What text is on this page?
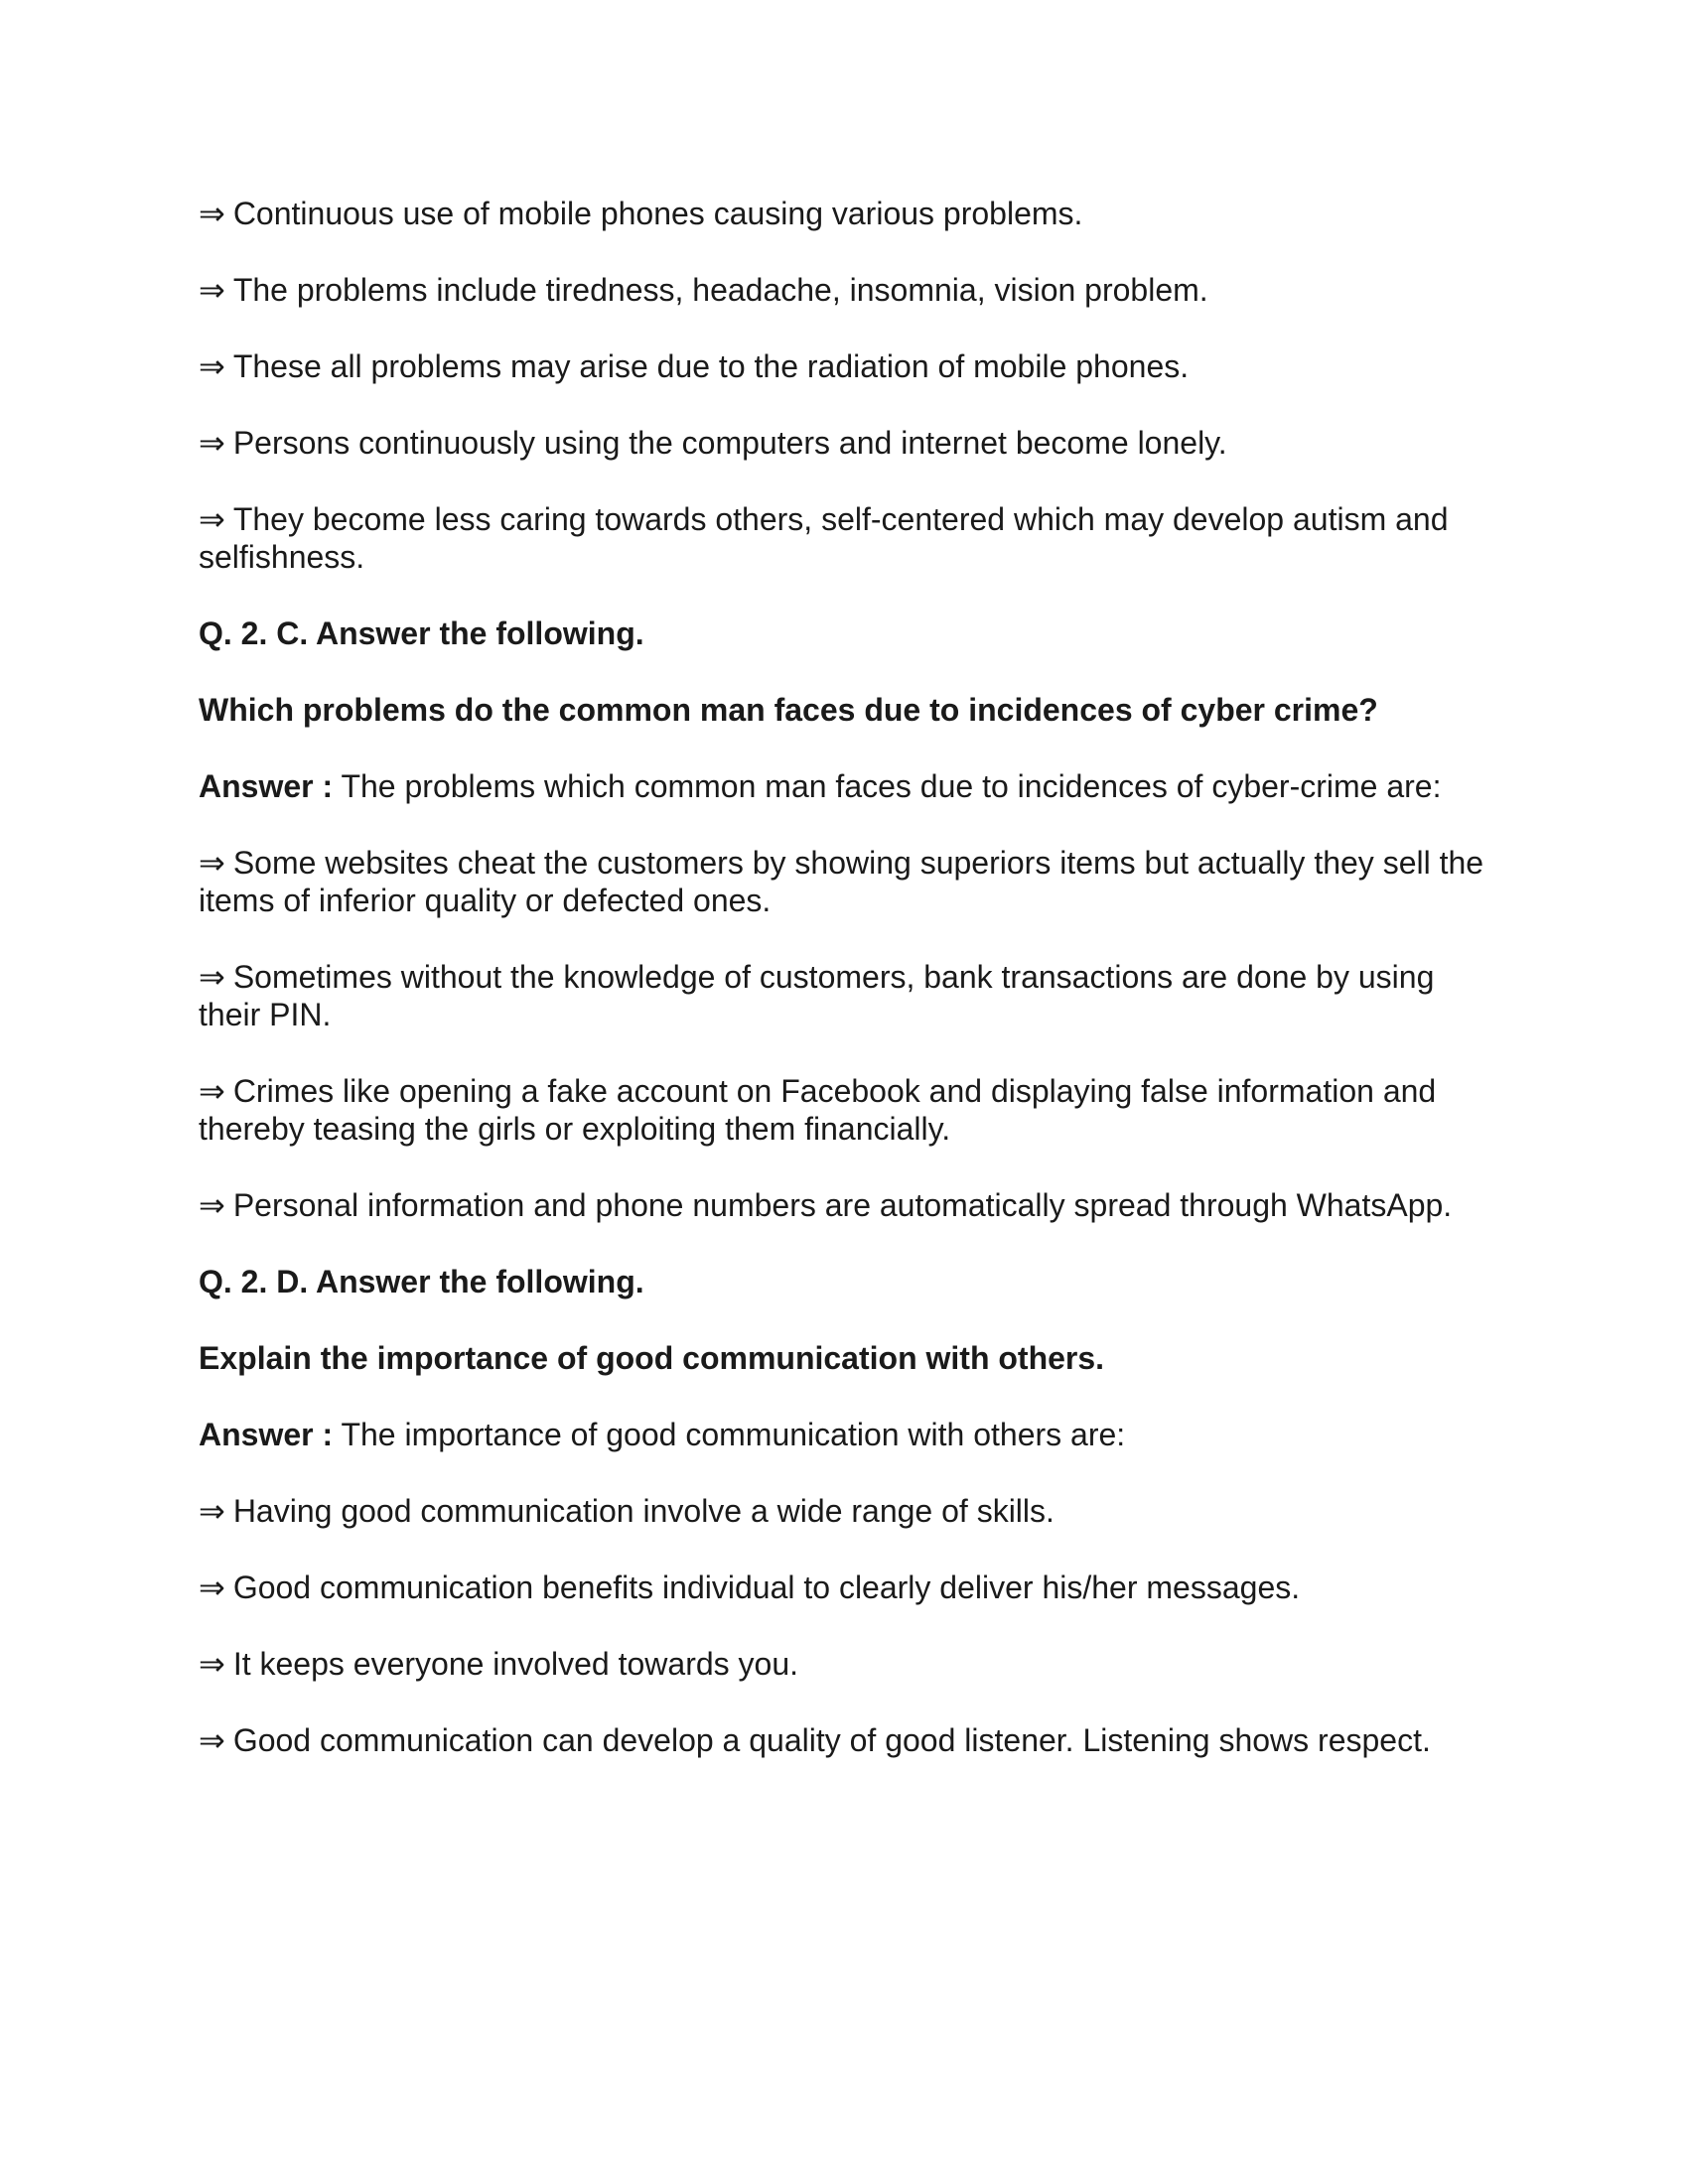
⇒ Continuous use of mobile phones causing various problems.

⇒ The problems include tiredness, headache, insomnia, vision problem.

⇒ These all problems may arise due to the radiation of mobile phones.

⇒ Persons continuously using the computers and internet become lonely.

⇒ They become less caring towards others, self-centered which may develop autism and selfishness.

Q. 2. C. Answer the following.

Which problems do the common man faces due to incidences of cyber crime?

Answer : The problems which common man faces due to incidences of cyber-crime are:

⇒ Some websites cheat the customers by showing superiors items but actually they sell the items of inferior quality or defected ones.

⇒ Sometimes without the knowledge of customers, bank transactions are done by using their PIN.

⇒ Crimes like opening a fake account on Facebook and displaying false information and thereby teasing the girls or exploiting them financially.

⇒ Personal information and phone numbers are automatically spread through WhatsApp.

Q. 2. D. Answer the following.

Explain the importance of good communication with others.

Answer : The importance of good communication with others are:

⇒ Having good communication involve a wide range of skills.

⇒ Good communication benefits individual to clearly deliver his/her messages.

⇒ It keeps everyone involved towards you.

⇒ Good communication can develop a quality of good listener. Listening shows respect.
